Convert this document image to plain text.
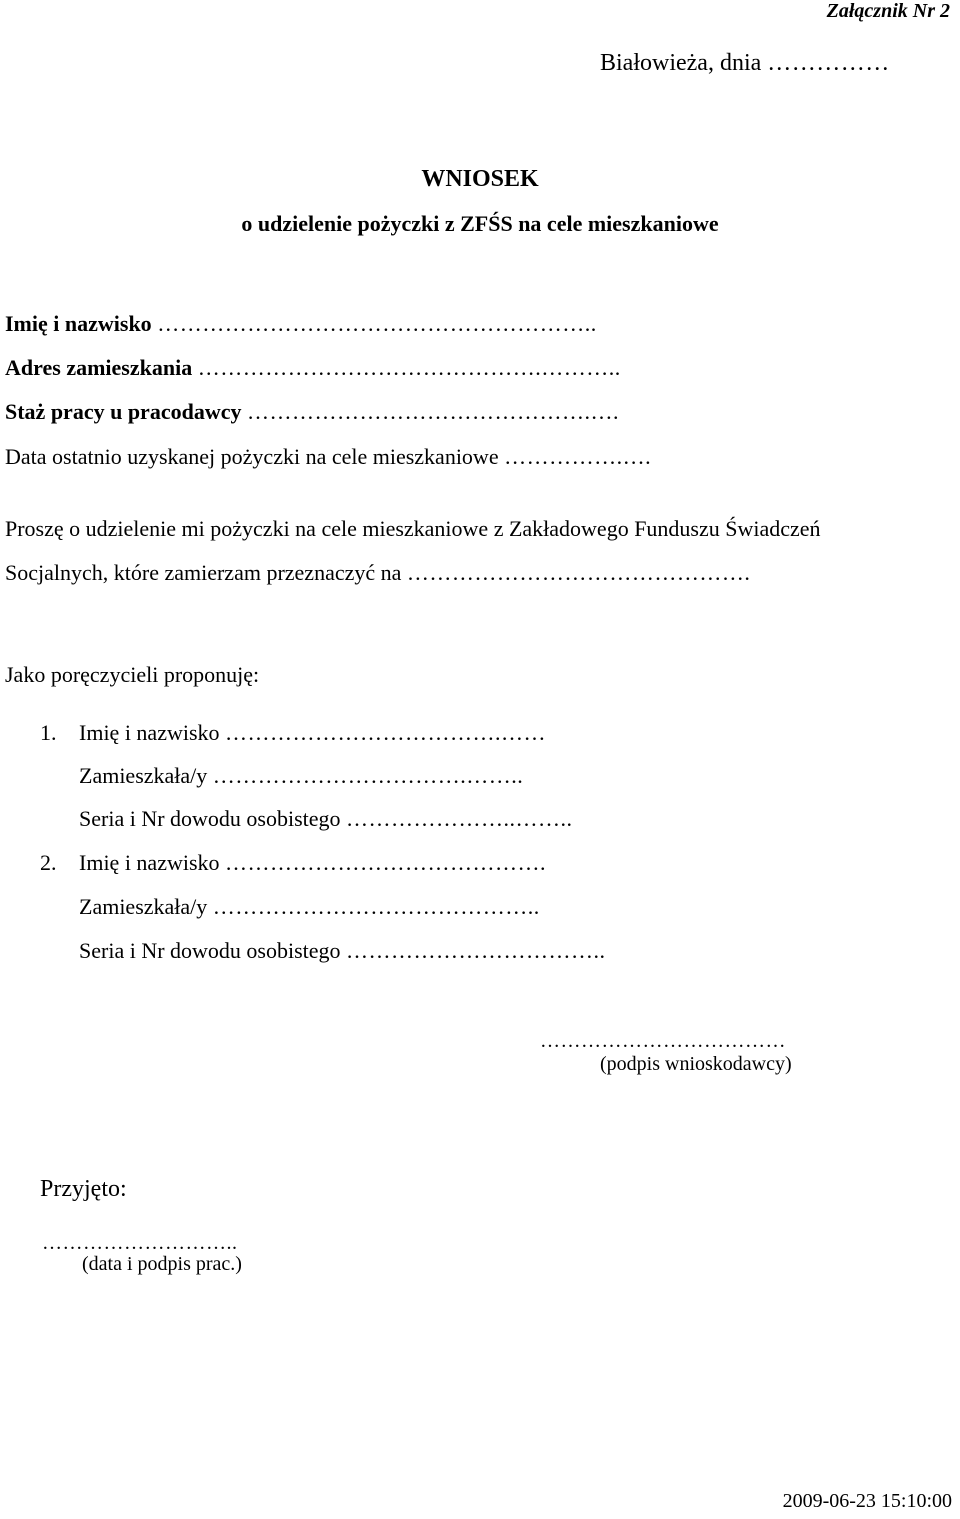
Załącznik Nr 2
Białowieża, dnia ……………
WNIOSEK
o udzielenie pożyczki z ZFŚS na cele mieszkaniowe
Imię i nazwisko …………………………………………………..
Adres zamieszkania ……………………………………….………..
Staż pracy u pracodawcy ……………………………………….….
Data ostatnio uzyskanej pożyczki na cele mieszkaniowe …………….….
Proszę o udzielenie mi pożyczki na cele mieszkaniowe z Zakładowego Funduszu Świadczeń
Socjalnych, które zamierzam przeznaczyć na ……………………………………….
Jako poręczycieli proponuję:
1. Imię i nazwisko ……………………………….……
Zamieszkała/y …………………………….……..
Seria i Nr dowodu osobistego …………………..……..
2. Imię i nazwisko …………………………………….
Zamieszkała/y ……………………………………..
Seria i Nr dowodu osobistego ……………………………..
………………………………
(podpis wnioskodawcy)
Przyjęto:
………………………..
(data i podpis prac.)
2009-06-23 15:10:00
